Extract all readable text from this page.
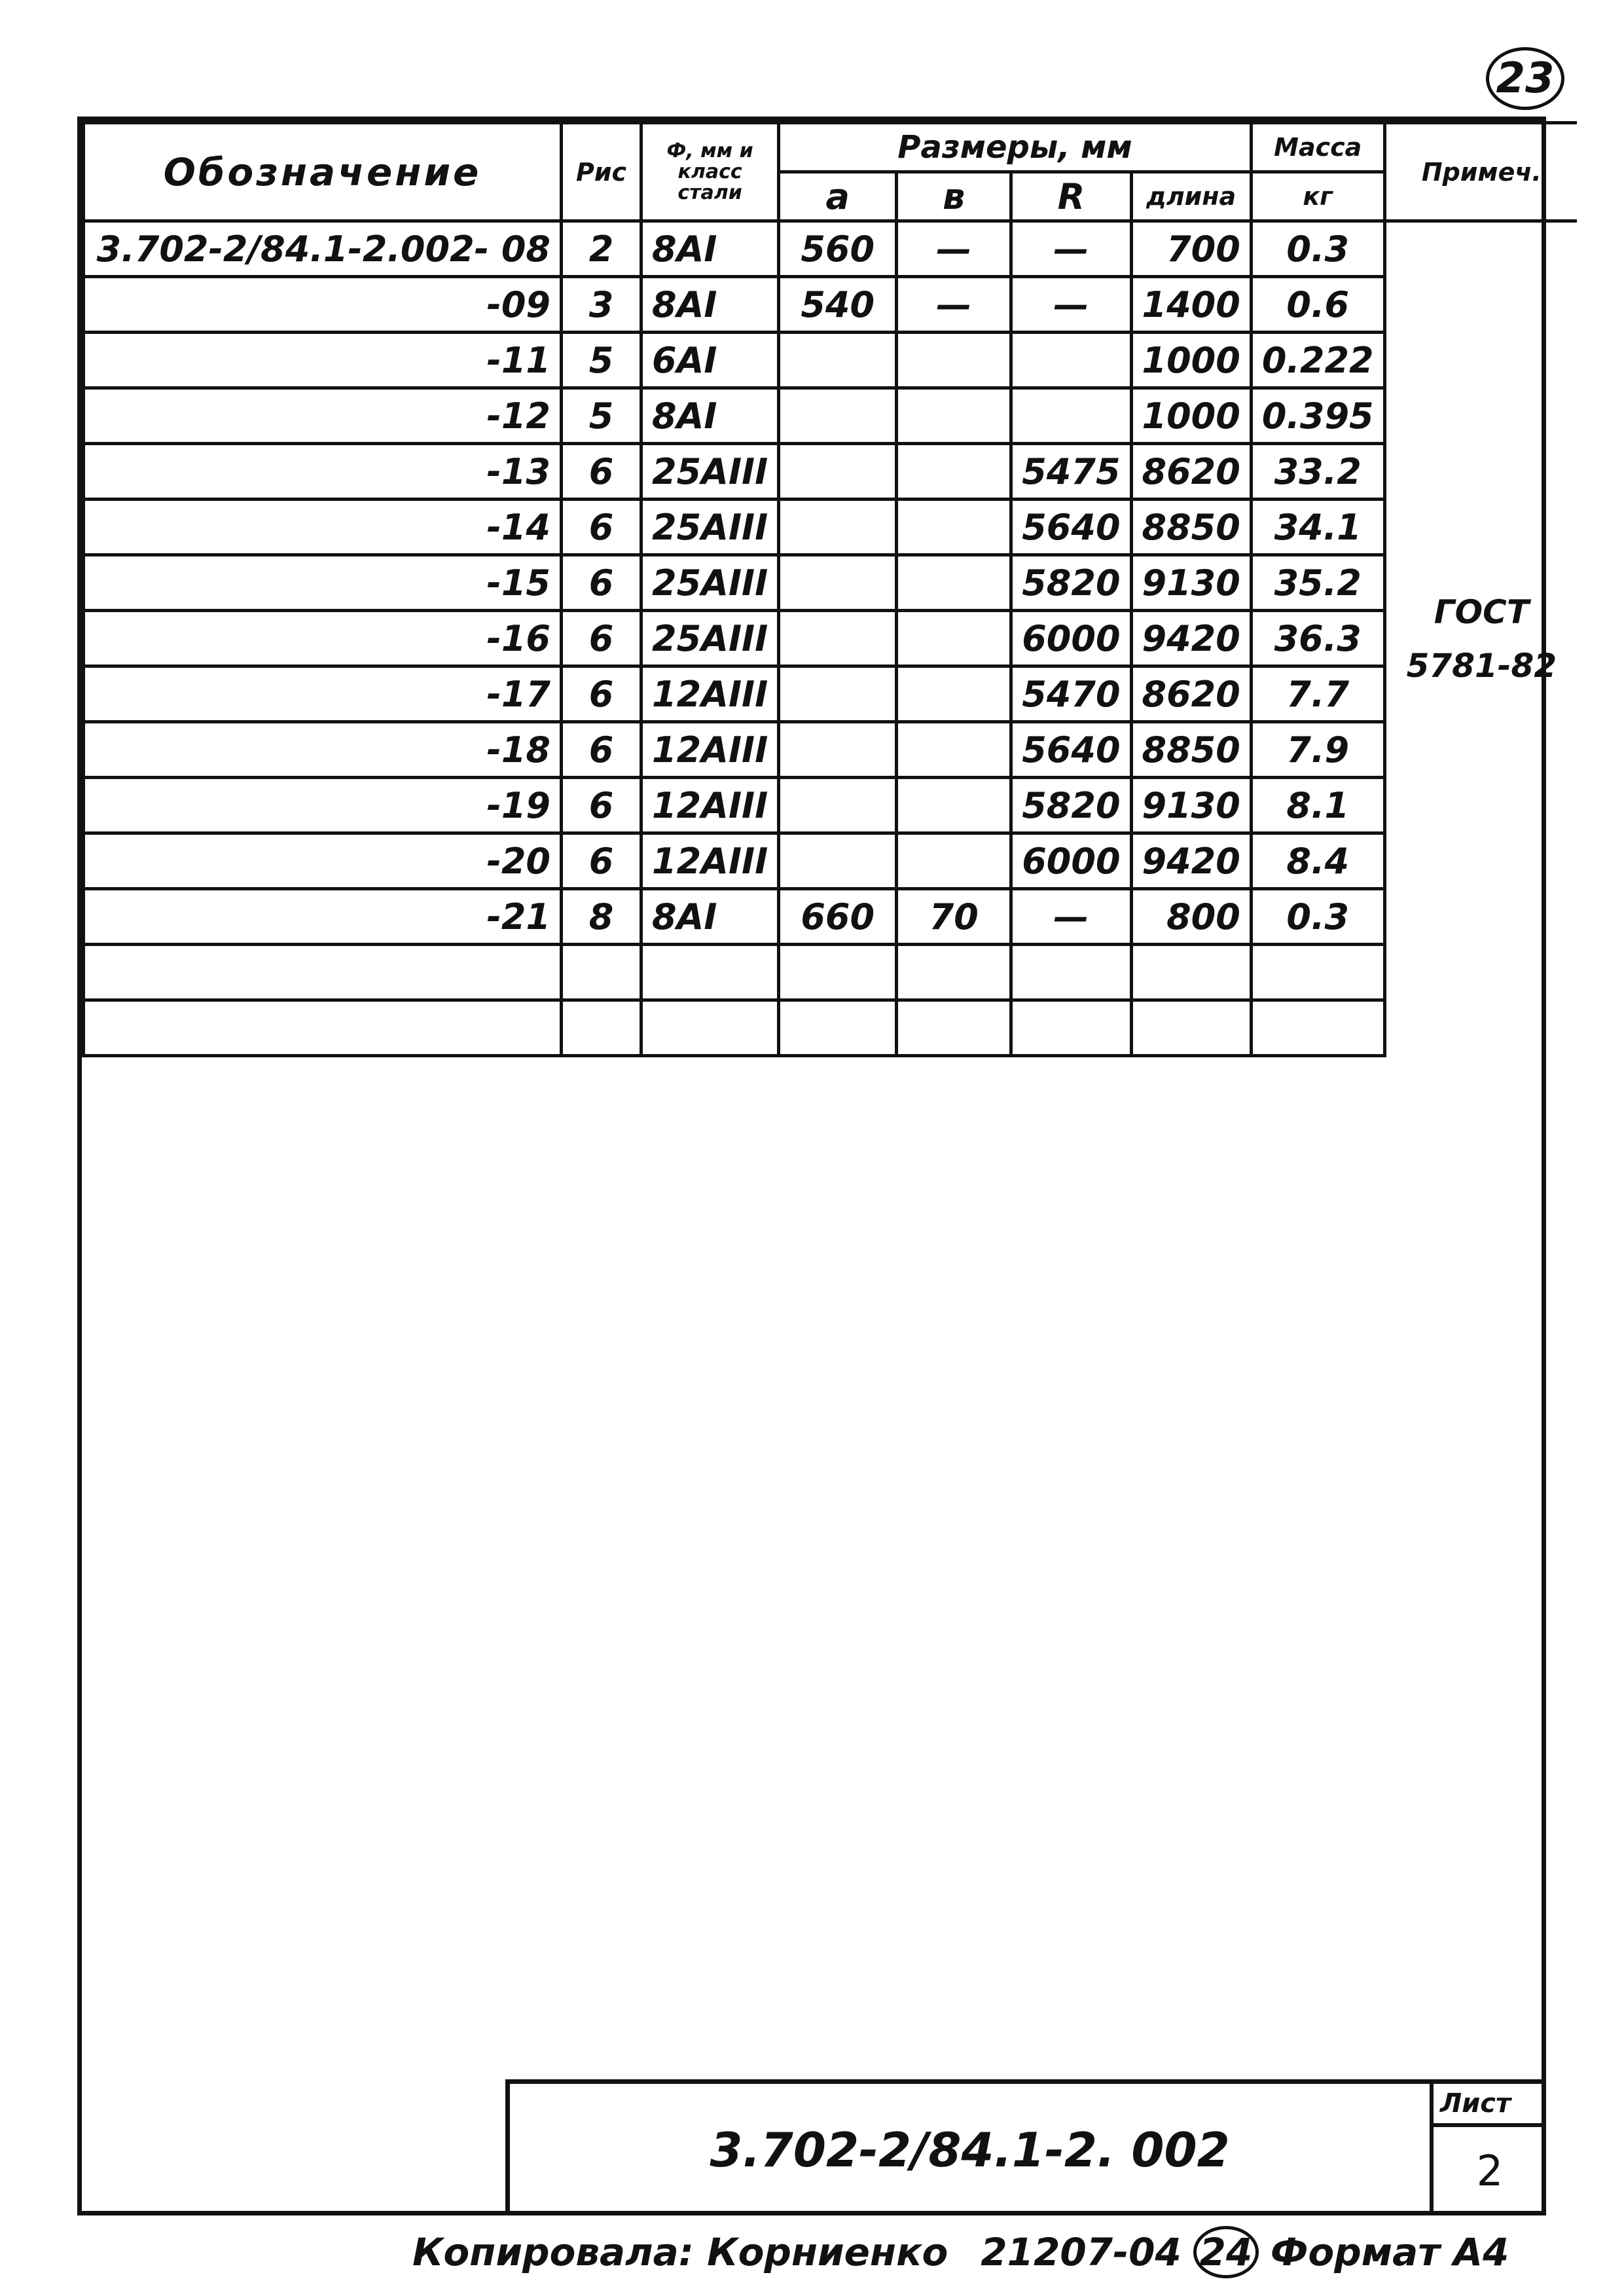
23
Обозначение	Рис	Ф, мм и класс стали	Размеры, мм				Масса	Примеч.
			a	в	R	длина	кг	
3.702-2/84.1-2.002- 08	2	8AI	560	—	—	700	0.3	ГОСТ 5781-82
-09	3	8AI	540	—	—	1400	0.6	
-11	5	6AI				1000	0.222	
-12	5	8AI				1000	0.395	
-13	6	25AIII			5475	8620	33.2	
-14	6	25AIII			5640	8850	34.1	
-15	6	25AIII			5820	9130	35.2	
-16	6	25AIII			6000	9420	36.3	
-17	6	12AIII			5470	8620	7.7	
-18	6	12AIII			5640	8850	7.9	
-19	6	12AIII			5820	9130	8.1	
-20	6	12AIII			6000	9420	8.4	
-21	8	8AI	660	70	—	800	0.3	

3.702-2/84.1-2. 002
Лист
2
Копировала: Корниенко 21207-04 24 Формат А4
